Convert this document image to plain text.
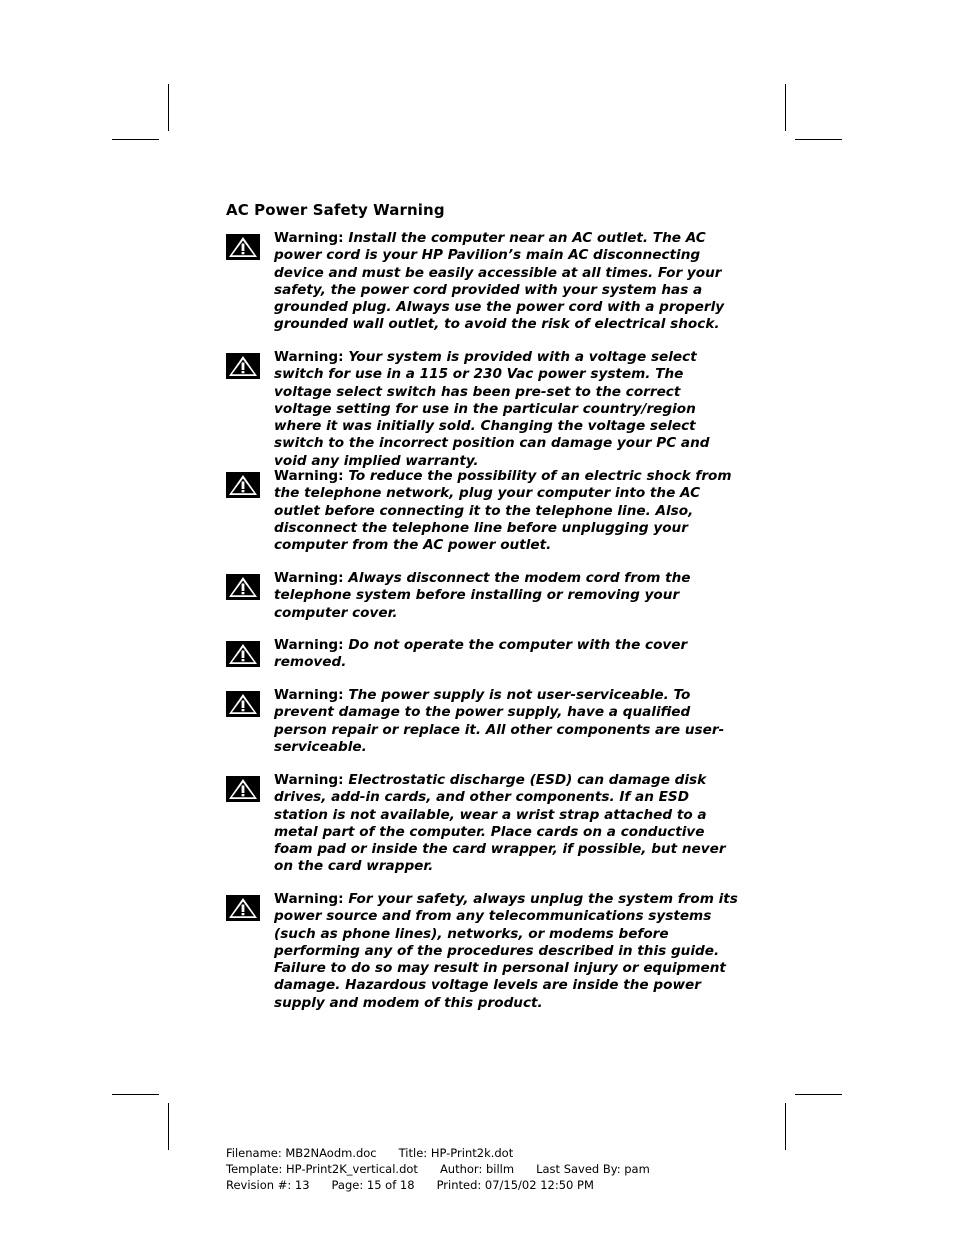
AC Power Safety Warning

Warning: Install the computer near an AC outlet. The AC power cord is your HP Pavilion’s main AC disconnecting device and must be easily accessible at all times. For your safety, the power cord provided with your system has a grounded plug. Always use the power cord with a properly grounded wall outlet, to avoid the risk of electrical shock.

Warning: Your system is provided with a voltage select switch for use in a 115 or 230 Vac power system. The voltage select switch has been pre-set to the correct voltage setting for use in the particular country/region where it was initially sold. Changing the voltage select switch to the incorrect position can damage your PC and void any implied warranty.

Warning: To reduce the possibility of an electric shock from the telephone network, plug your computer into the AC outlet before connecting it to the telephone line. Also, disconnect the telephone line before unplugging your computer from the AC power outlet.

Warning: Always disconnect the modem cord from the telephone system before installing or removing your computer cover.

Warning: Do not operate the computer with the cover removed.

Warning: The power supply is not user-serviceable. To prevent damage to the power supply, have a qualified person repair or replace it. All other components are user-serviceable.

Warning: Electrostatic discharge (ESD) can damage disk drives, add-in cards, and other components. If an ESD station is not available, wear a wrist strap attached to a metal part of the computer. Place cards on a conductive foam pad or inside the card wrapper, if possible, but never on the card wrapper.

Warning: For your safety, always unplug the system from its power source and from any telecommunications systems (such as phone lines), networks, or modems before performing any of the procedures described in this guide. Failure to do so may result in personal injury or equipment damage. Hazardous voltage levels are inside the power supply and modem of this product.

Filename: MB2NAodm.doc Title: HP-Print2k.dot
Template: HP-Print2K_vertical.dot Author: billm Last Saved By: pam
Revision #: 13 Page: 15 of 18 Printed: 07/15/02 12:50 PM
